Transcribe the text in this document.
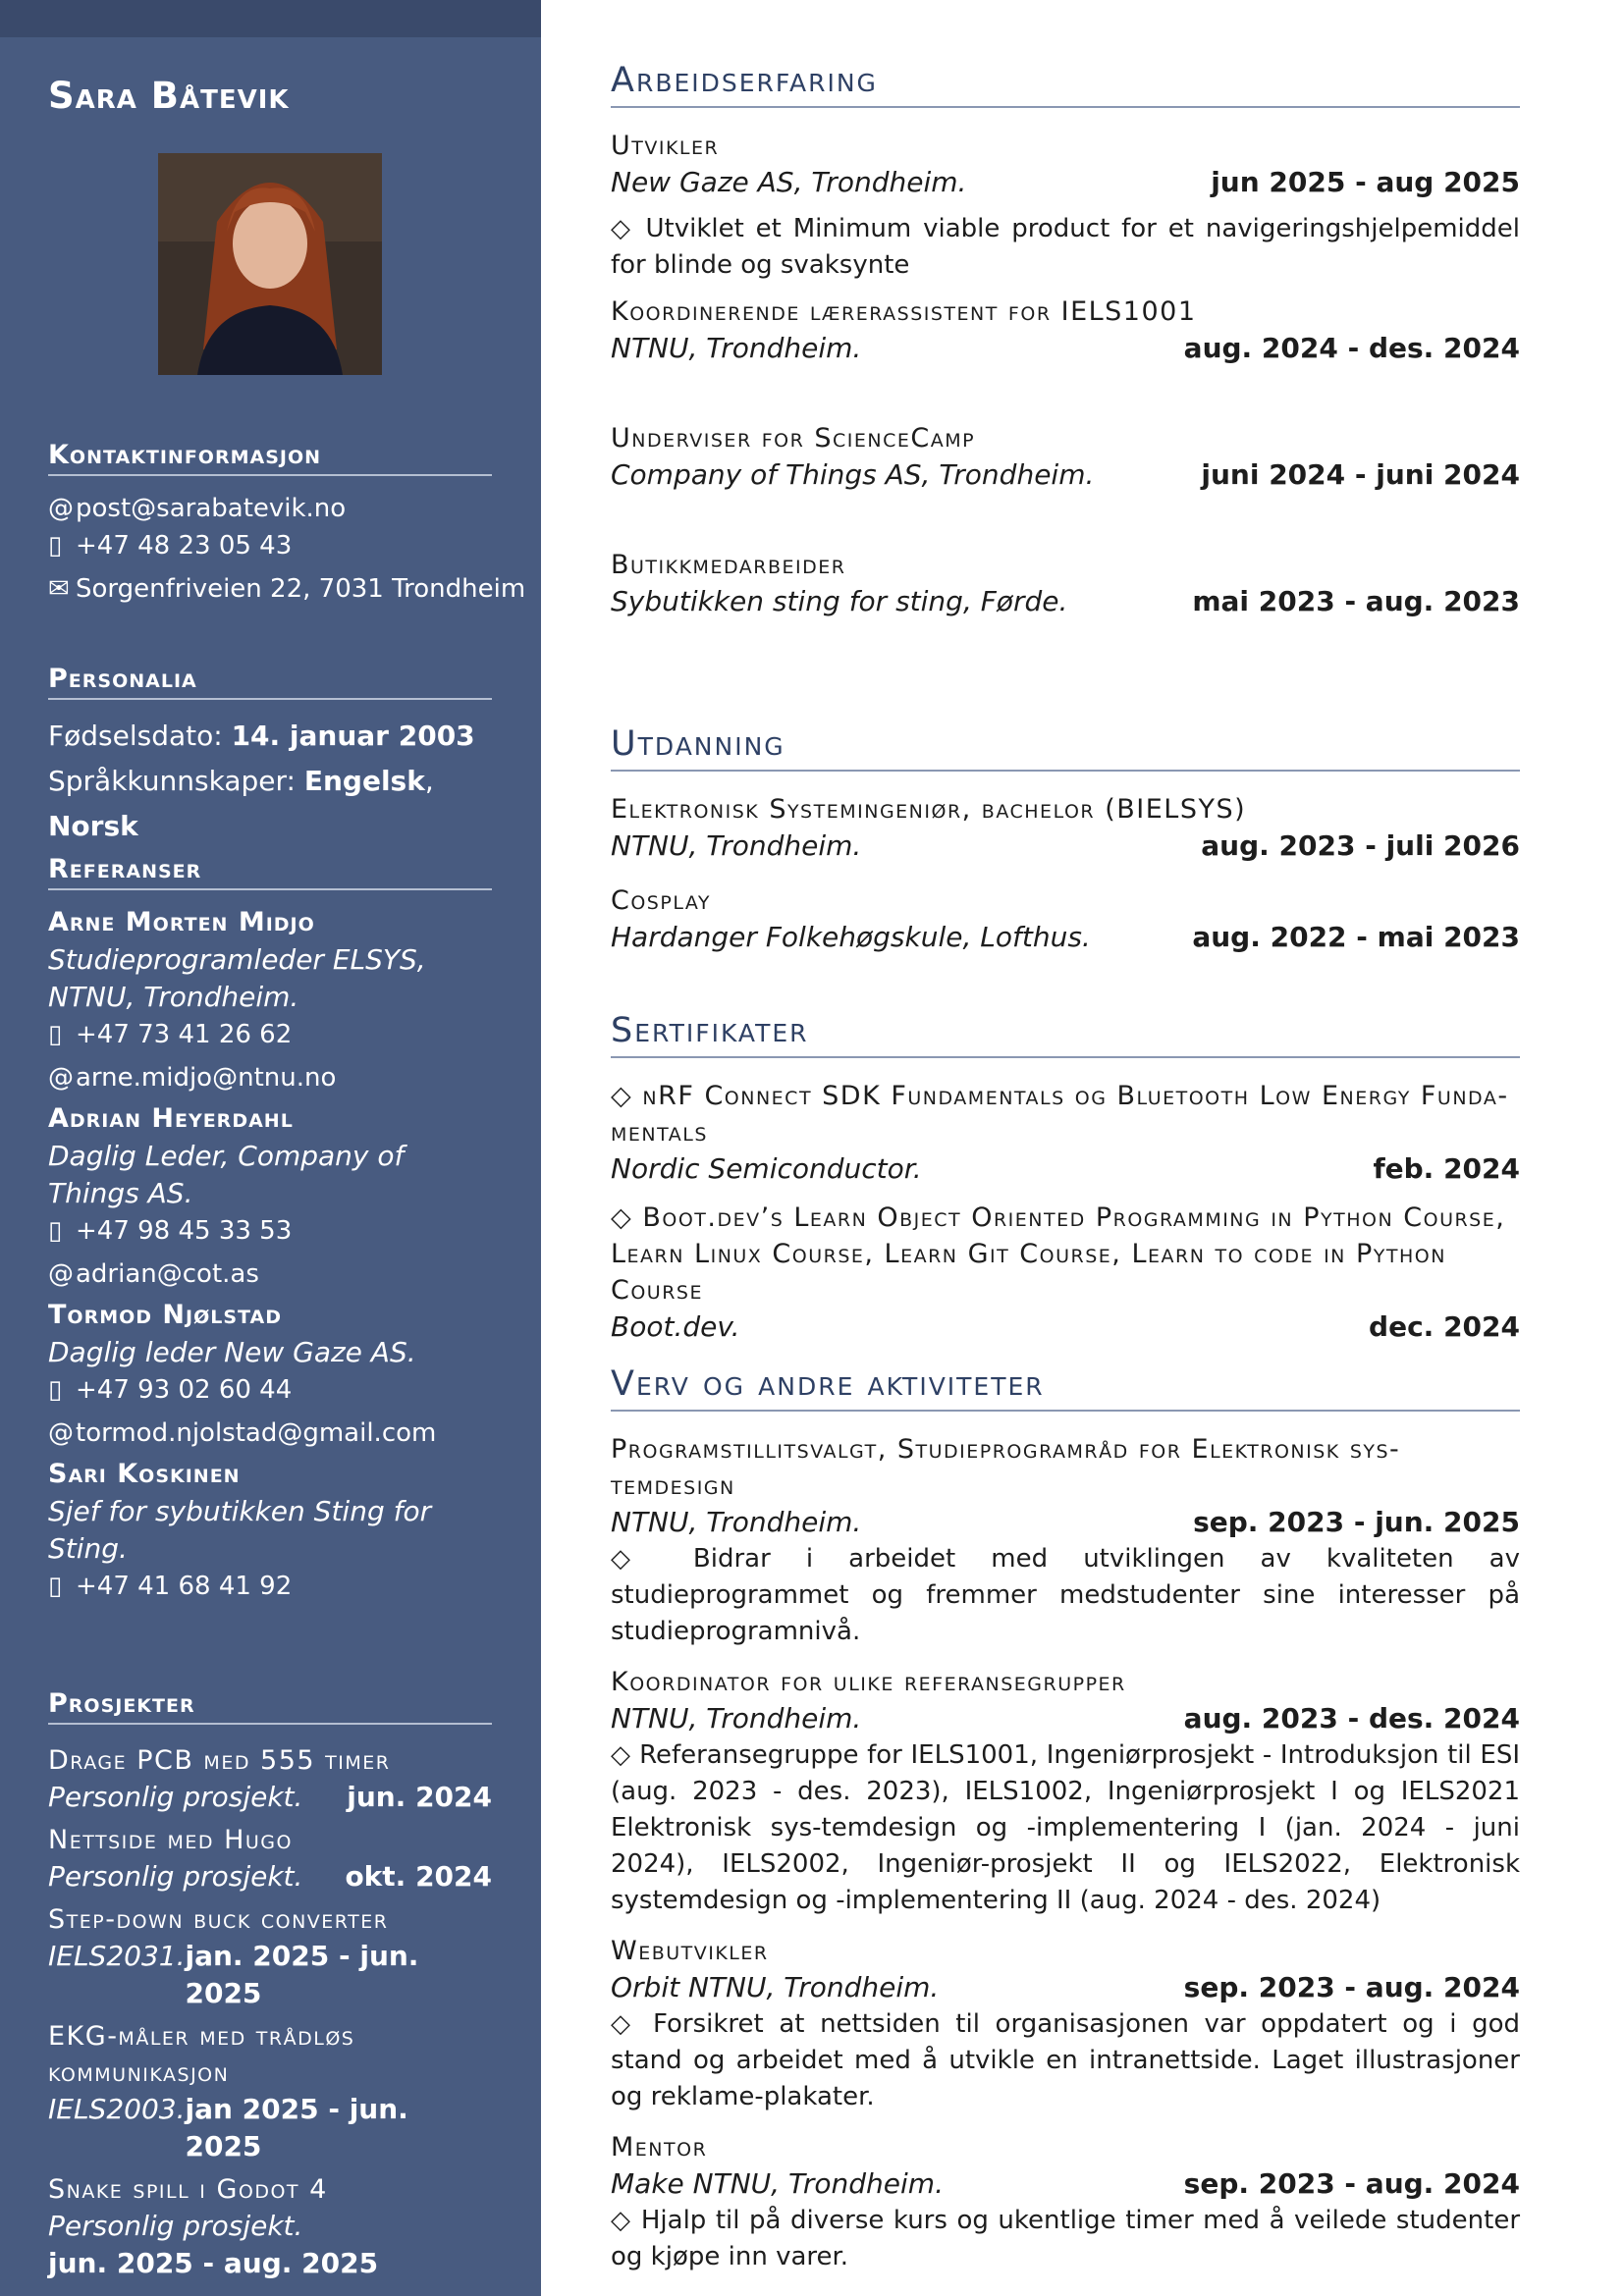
Sara Båtevik
Kontaktinformasjon
@post@sarabatevik.no
▯ +47 48 23 05 43
✉ Sorgenfriveien 22, 7031 Trondheim
Personalia
Fødselsdato: 14. januar 2003
Språkkunnskaper: Engelsk, Norsk
Referanser
Arne Morten Midjo
Studieprogramleder ELSYS, NTNU, Trondheim.
▯ +47 73 41 26 62
@arne.midjo@ntnu.no
Adrian Heyerdahl
Daglig Leder, Company of Things AS.
▯ +47 98 45 33 53
@adrian@cot.as
Tormod Njølstad
Daglig leder New Gaze AS.
▯ +47 93 02 60 44
@tormod.njolstad@gmail.com
Sari Koskinen
Sjef for sybutikken Sting for Sting.
▯ +47 41 68 41 92
Prosjekter
Drage PCB med 555 timer
Personlig prosjekt. jun. 2024
Nettside med Hugo
Personlig prosjekt. okt. 2024
Step-down buck converter
IELS2031. jan. 2025 - jun. 2025
EKG-måler med trådløs kommunikasjon
IELS2003. jan 2025 - jun. 2025
Snake spill i Godot 4
Personlig prosjekt.
jun. 2025 - aug. 2025
Arbeidserfaring
Utvikler
New Gaze AS, Trondheim.	jun 2025 - aug 2025
◇ Utviklet et Minimum viable product for et navigeringshjelpemiddel for blinde og svaksynte
Koordinerende lærerassistent for IELS1001
NTNU, Trondheim.	aug. 2024 - des. 2024
Underviser for ScienceCamp
Company of Things AS, Trondheim.	juni 2024 - juni 2024
Butikkmedarbeider
Sybutikken sting for sting, Førde.	mai 2023 - aug. 2023
Utdanning
Elektronisk Systemingeniør, bachelor (BIELSYS)
NTNU, Trondheim.	aug. 2023 - juli 2026
Cosplay
Hardanger Folkehøgskule, Lofthus.	aug. 2022 - mai 2023
Sertifikater
◇ nRF Connect SDK Fundamentals og Bluetooth Low Energy Funda-mentals
Nordic Semiconductor.	feb. 2024
◇ Boot.dev’s Learn Object Oriented Programming in Python Course, Learn Linux Course, Learn Git Course, Learn to code in Python Course
Boot.dev.	dec. 2024
Verv og andre aktiviteter
Programstillitsvalgt, Studieprogramråd for Elektronisk sys-temdesign
NTNU, Trondheim.	sep. 2023 - jun. 2025
◇ Bidrar i arbeidet med utviklingen av kvaliteten av studieprogrammet og fremmer medstudenter sine interesser på studieprogramnivå.
Koordinator for ulike referansegrupper
NTNU, Trondheim.	aug. 2023 - des. 2024
◇ Referansegruppe for IELS1001, Ingeniørprosjekt - Introduksjon til ESI (aug. 2023 - des. 2023), IELS1002, Ingeniørprosjekt I og IELS2021 Elektronisk sys-temdesign og -implementering I (jan. 2024 - juni 2024), IELS2002, Ingeniør-prosjekt II og IELS2022, Elektronisk systemdesign og -implementering II (aug. 2024 - des. 2024)
Webutvikler
Orbit NTNU, Trondheim.	sep. 2023 - aug. 2024
◇ Forsikret at nettsiden til organisasjonen var oppdatert og i god stand og arbeidet med å utvikle en intranettside. Laget illustrasjoner og reklame-plakater.
Mentor
Make NTNU, Trondheim.	sep. 2023 - aug. 2024
◇ Hjalp til på diverse kurs og ukentlige timer med å veilede studenter og kjøpe inn varer.
